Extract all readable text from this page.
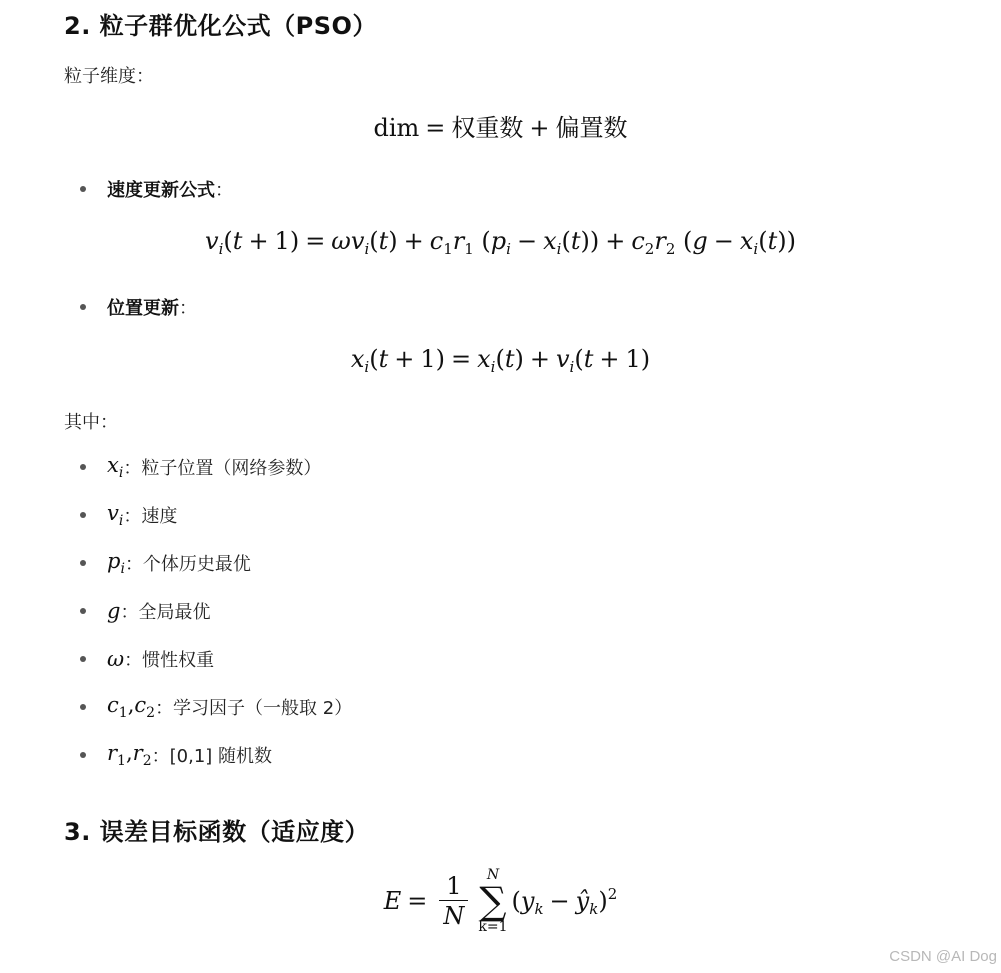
2. 粒子群优化公式（PSO）

粒子维度：

dim = 权重数 + 偏置数
速度更新公式 ：
$v_i(t + 1) = \omega v_i(t) + c_1r_1$ $(p_i - x_i(t)) + c_2r_2$ $(g - x_i(t))$
位置更新 ：
$x_i(t + 1) = x_i(t) + v_i(t + 1)$

其中：

$x_i$ ：粒子位置（网络参数）
$v_i$ ：速度
$p_i$ ：个体历史最优
g ：全局最优
ω ：惯性权重
$c_1,c_2$ ：学习因子（一般取 2）
$r_1,r_2$ ：[0,1] 随机数
3. 误差目标函数（适应度）
$E = \frac{1}{N}$ N
∑
k=1
($y_k$ − $ŷ_k)^2$
CSDN @AI Dog
